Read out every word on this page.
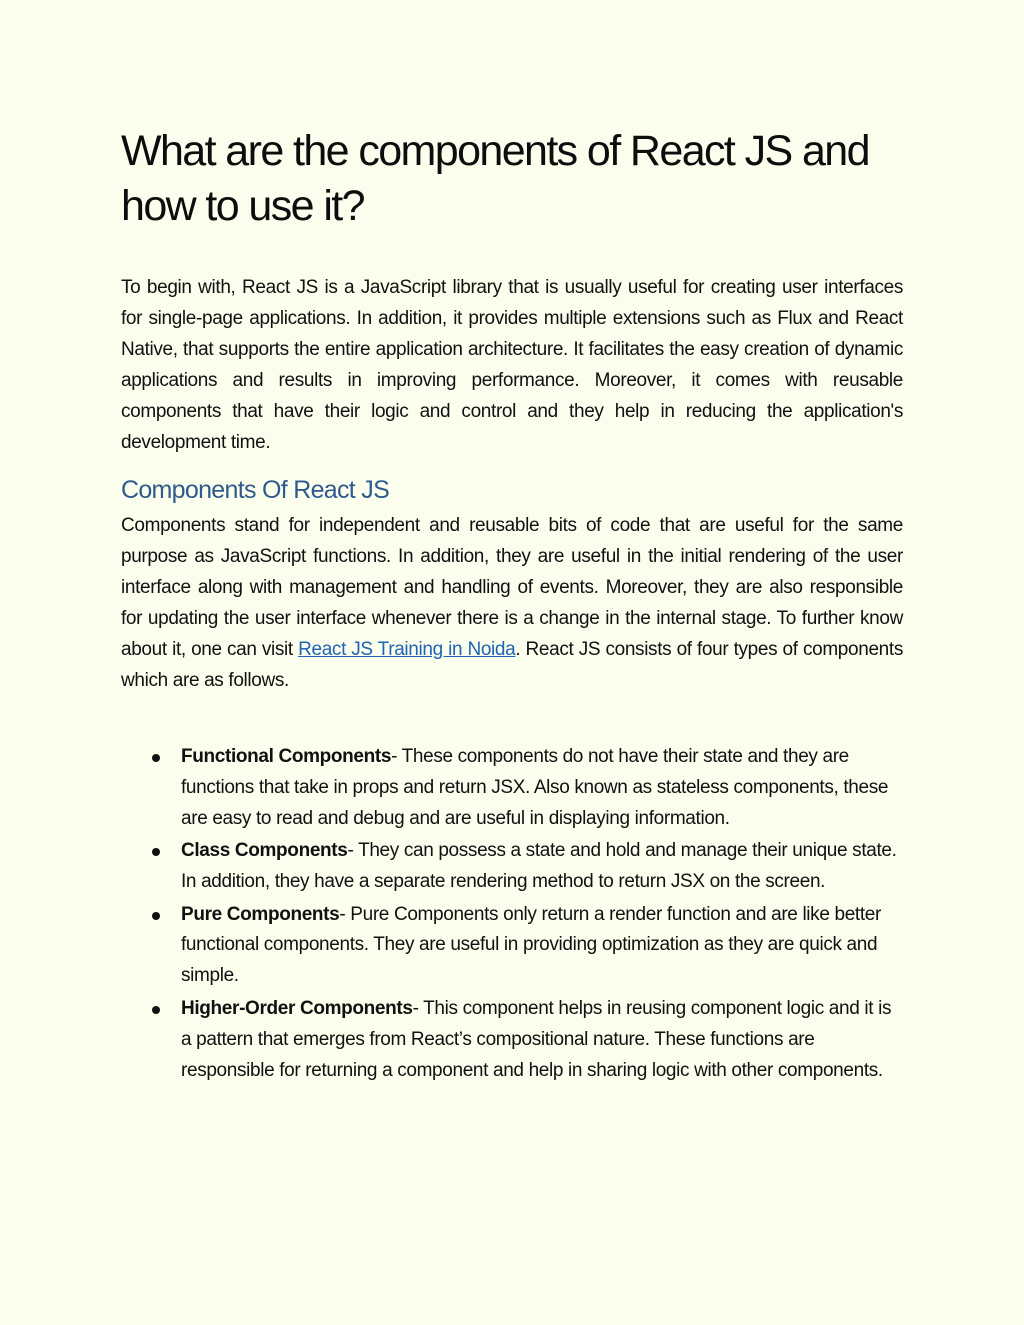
What are the components of React JS and how to use it?

To begin with, React JS is a JavaScript library that is usually useful for creating user interfaces for single-page applications. In addition, it provides multiple extensions such as Flux and React Native, that supports the entire application architecture. It facilitates the easy creation of dynamic applications and results in improving performance. Moreover, it comes with reusable components that have their logic and control and they help in reducing the application's development time.

Components Of React JS

Components stand for independent and reusable bits of code that are useful for the same purpose as JavaScript functions. In addition, they are useful in the initial rendering of the user interface along with management and handling of events. Moreover, they are also responsible for updating the user interface whenever there is a change in the internal stage. To further know about it, one can visit React JS Training in Noida. React JS consists of four types of components which are as follows.

Functional Components- These components do not have their state and they are functions that take in props and return JSX. Also known as stateless components, these are easy to read and debug and are useful in displaying information.
Class Components- They can possess a state and hold and manage their unique state. In addition, they have a separate rendering method to return JSX on the screen.
Pure Components- Pure Components only return a render function and are like better functional components. They are useful in providing optimization as they are quick and simple.
Higher-Order Components- This component helps in reusing component logic and it is a pattern that emerges from React’s compositional nature. These functions are responsible for returning a component and help in sharing logic with other components.
